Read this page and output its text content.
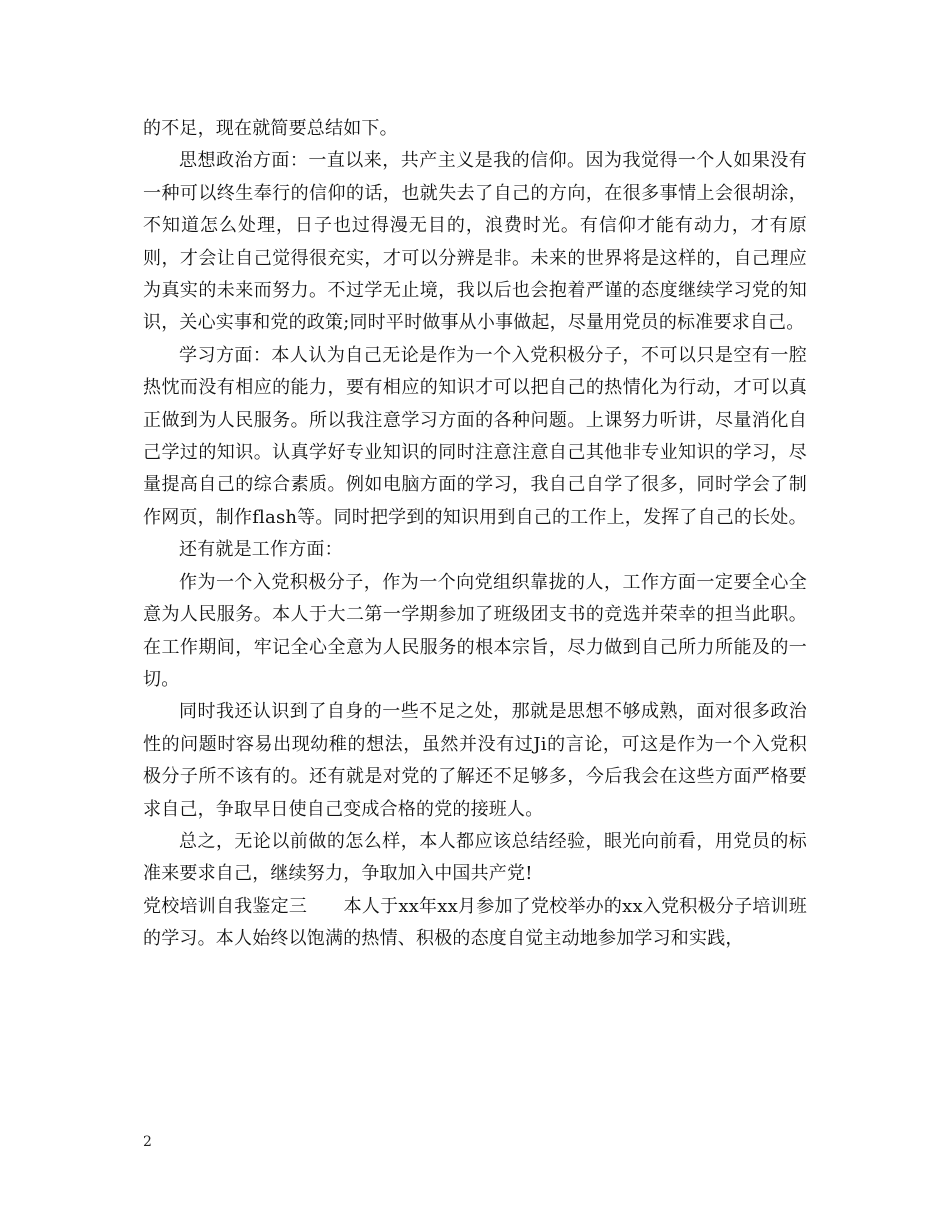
的不足，现在就简要总结如下。

思想政治方面：一直以来，共产主义是我的信仰。因为我觉得一个人如果没有一种可以终生奉行的信仰的话，也就失去了自己的方向，在很多事情上会很胡涂，不知道怎么处理，日子也过得漫无目的，浪费时光。有信仰才能有动力，才有原则，才会让自己觉得很充实，才可以分辨是非。未来的世界将是这样的，自己理应为真实的未来而努力。不过学无止境，我以后也会抱着严谨的态度继续学习党的知识，关心实事和党的政策;同时平时做事从小事做起，尽量用党员的标准要求自己。

学习方面：本人认为自己无论是作为一个入党积极分子，不可以只是空有一腔热忱而没有相应的能力，要有相应的知识才可以把自己的热情化为行动，才可以真正做到为人民服务。所以我注意学习方面的各种问题。上课努力听讲，尽量消化自己学过的知识。认真学好专业知识的同时注意注意自己其他非专业知识的学习，尽量提高自己的综合素质。例如电脑方面的学习，我自己自学了很多，同时学会了制作网页，制作flash等。同时把学到的知识用到自己的工作上，发挥了自己的长处。

还有就是工作方面：

作为一个入党积极分子，作为一个向党组织靠拢的人，工作方面一定要全心全意为人民服务。本人于大二第一学期参加了班级团支书的竞选并荣幸的担当此职。在工作期间，牢记全心全意为人民服务的根本宗旨，尽力做到自己所力所能及的一切。

同时我还认识到了自身的一些不足之处，那就是思想不够成熟，面对很多政治性的问题时容易出现幼稚的想法，虽然并没有过Ji的言论，可这是作为一个入党积极分子所不该有的。还有就是对党的了解还不足够多，今后我会在这些方面严格要求自己，争取早日使自己变成合格的党的接班人。

总之，无论以前做的怎么样，本人都应该总结经验，眼光向前看，用党员的标准来要求自己，继续努力，争取加入中国共产党!

党校培训自我鉴定三　　 本人于xx年xx月参加了党校举办的xx入党积极分子培训班的学习。本人始终以饱满的热情、积极的态度自觉主动地参加学习和实践，

2
